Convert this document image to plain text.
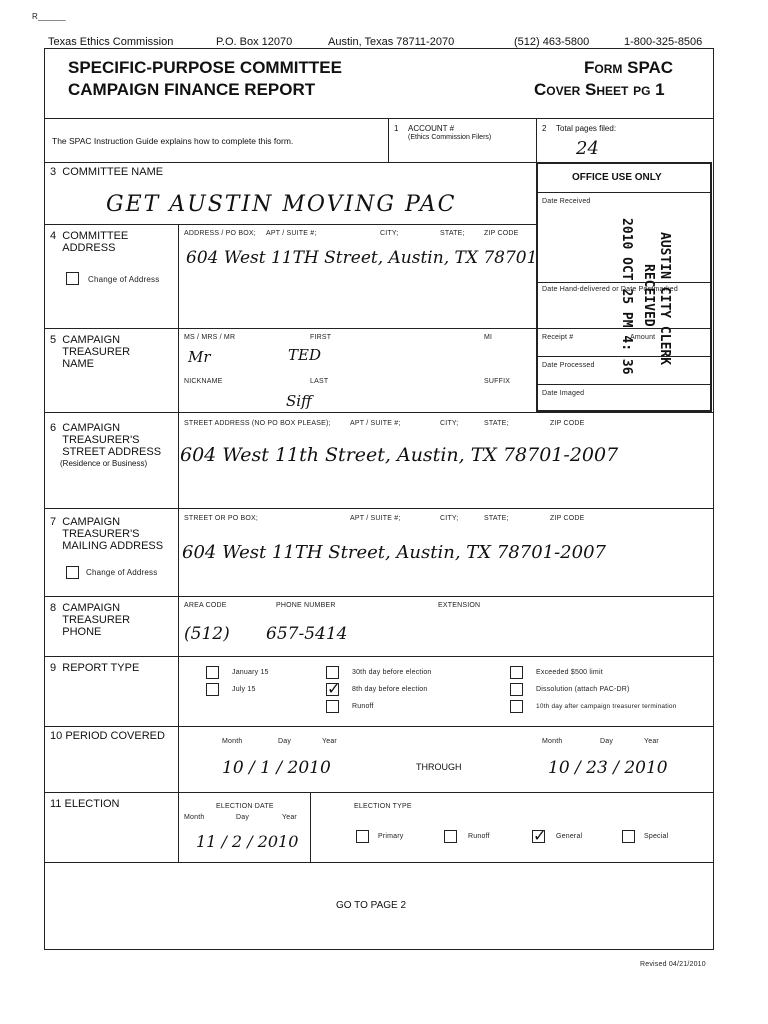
R______
Texas Ethics Commission	P.O. Box 12070	Austin, Texas 78711-2070	(512) 463-5800	1-800-325-8506
SPECIFIC-PURPOSE COMMITTEE
CAMPAIGN FINANCE REPORT
Form SPAC
Cover Sheet pg 1
The SPAC Instruction Guide explains how to complete this form.
1 ACCOUNT #
(Ethics Commission Filers)
2 Total pages filed:
24
OFFICE USE ONLY
Date Received
Date Hand-delivered or Date Postmarked
Receipt #	Amount
Date Processed
Date Imaged
2010 OCT 25 PM 4: 36 AUSTIN CITY CLERK
RECEIVED
3 COMMITTEE NAME
GET AUSTIN MOVING PAC
4 COMMITTEE
ADDRESS
ADDRESS / PO BOX; APT / SUITE #;	CITY;	STATE;	ZIP CODE
604 West 11TH Street, Austin, TX 78701
Change of Address
5 CAMPAIGN
TREASURER
NAME
MS / MRS / MR	FIRST	MI
Mr	TED
NICKNAME	LAST	SUFFIX
Siff
6 CAMPAIGN
TREASURER'S
STREET ADDRESS
(Residence or Business)
STREET ADDRESS (NO PO BOX PLEASE);	APT / SUITE #;	CITY;	STATE;	ZIP CODE
604 West 11th Street, Austin, TX 78701-2007
7 CAMPAIGN
TREASURER'S
MAILING ADDRESS
STREET OR PO BOX;	APT / SUITE #;	CITY;	STATE;	ZIP CODE
604 West 11TH Street, Austin, TX 78701-2007
Change of Address
8 CAMPAIGN
TREASURER
PHONE
AREA CODE	PHONE NUMBER	EXTENSION
(512) 657-5414
9 REPORT TYPE	January 15
July 15
30th day before election
✓
8th day before election
Runoff
Exceeded $500 limit
Dissolution (attach PAC-DR)
10th day after campaign treasurer termination
10 PERIOD COVERED	Month	Day	Year
10 / 1 / 2010	THROUGH
Month	Day	Year
10 / 23 / 2010
11 ELECTION	ELECTION DATE
Month	Day	Year
11 / 2 / 2010
ELECTION TYPE
Primary	Runoff
✓	General	Special
GO TO PAGE 2
Revised 04/21/2010
